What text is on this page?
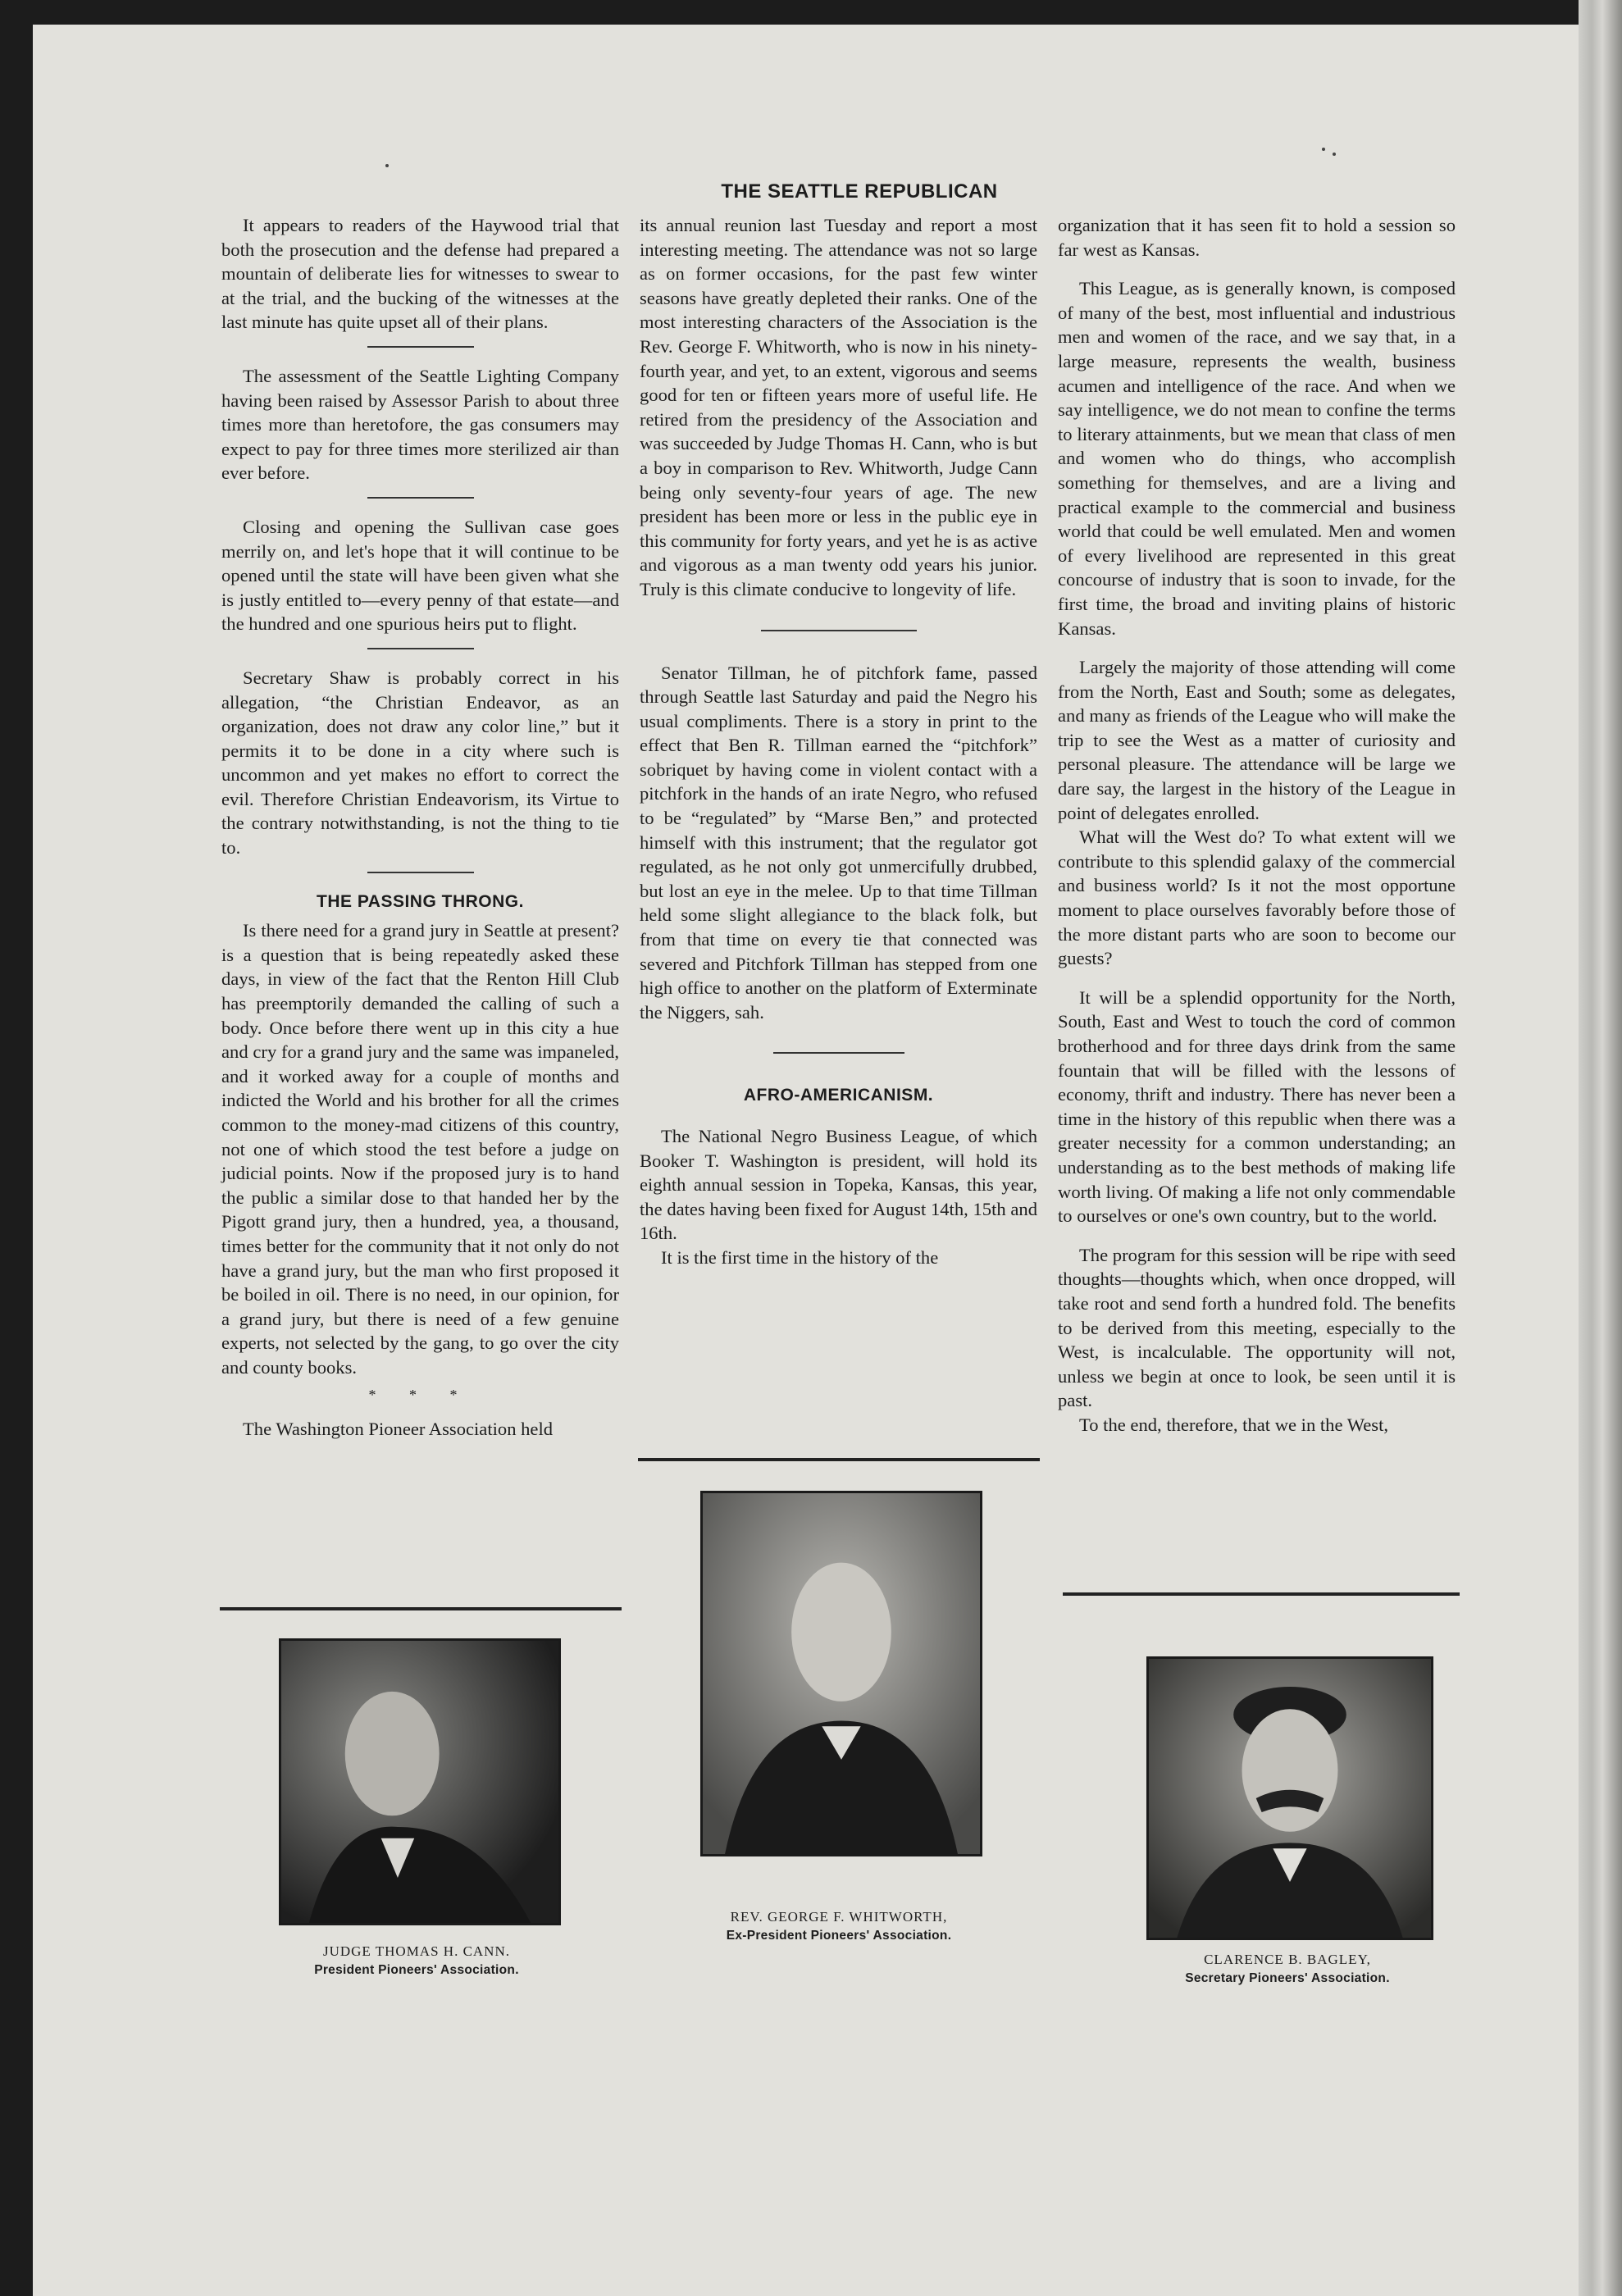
THE SEATTLE REPUBLICAN

It appears to readers of the Haywood trial that both the prosecution and the defense had prepared a mountain of deliberate lies for witnesses to swear to at the trial, and the bucking of the witnesses at the last minute has quite upset all of their plans.

The assessment of the Seattle Lighting Company having been raised by Assessor Parish to about three times more than heretofore, the gas consumers may expect to pay for three times more sterilized air than ever before.

Closing and opening the Sullivan case goes merrily on, and let's hope that it will continue to be opened until the state will have been given what she is justly entitled to—every penny of that estate—and the hundred and one spurious heirs put to flight.

Secretary Shaw is probably correct in his allegation, “the Christian Endeavor, as an organization, does not draw any color line,” but it permits it to be done in a city where such is uncommon and yet makes no effort to correct the evil. Therefore Christian Endeavorism, its Virtue to the contrary notwithstanding, is not the thing to tie to.

THE PASSING THRONG.

Is there need for a grand jury in Seattle at present? is a question that is being repeatedly asked these days, in view of the fact that the Renton Hill Club has preemptorily demanded the calling of such a body. Once before there went up in this city a hue and cry for a grand jury and the same was impaneled, and it worked away for a couple of months and indicted the World and his brother for all the crimes common to the money-mad citizens of this country, not one of which stood the test before a judge on judicial points. Now if the proposed jury is to hand the public a similar dose to that handed her by the Pigott grand jury, then a hundred, yea, a thousand, times better for the community that it not only do not have a grand jury, but the man who first proposed it be boiled in oil. There is no need, in our opinion, for a grand jury, but there is need of a few genuine experts, not selected by the gang, to go over the city and county books.

* * *

The Washington Pioneer Association held

its annual reunion last Tuesday and report a most interesting meeting. The attendance was not so large as on former occasions, for the past few winter seasons have greatly depleted their ranks. One of the most interesting characters of the Association is the Rev. George F. Whitworth, who is now in his ninety-fourth year, and yet, to an extent, vigorous and seems good for ten or fifteen years more of useful life. He retired from the presidency of the Association and was succeeded by Judge Thomas H. Cann, who is but a boy in comparison to Rev. Whitworth, Judge Cann being only seventy-four years of age. The new president has been more or less in the public eye in this community for forty years, and yet he is as active and vigorous as a man twenty odd years his junior. Truly is this climate conducive to longevity of life.

Senator Tillman, he of pitchfork fame, passed through Seattle last Saturday and paid the Negro his usual compliments. There is a story in print to the effect that Ben R. Tillman earned the “pitchfork” sobriquet by having come in violent contact with a pitchfork in the hands of an irate Negro, who refused to be “regulated” by “Marse Ben,” and protected himself with this instrument; that the regulator got regulated, as he not only got unmercifully drubbed, but lost an eye in the melee. Up to that time Tillman held some slight allegiance to the black folk, but from that time on every tie that connected was severed and Pitchfork Tillman has stepped from one high office to another on the platform of Exterminate the Niggers, sah.

AFRO-AMERICANISM.

The National Negro Business League, of which Booker T. Washington is president, will hold its eighth annual session in Topeka, Kansas, this year, the dates having been fixed for August 14th, 15th and 16th.

It is the first time in the history of the

organization that it has seen fit to hold a session so far west as Kansas.

This League, as is generally known, is composed of many of the best, most influential and industrious men and women of the race, and we say that, in a large measure, represents the wealth, business acumen and intelligence of the race. And when we say intelligence, we do not mean to confine the terms to literary attainments, but we mean that class of men and women who do things, who accomplish something for themselves, and are a living and practical example to the commercial and business world that could be well emulated. Men and women of every livelihood are represented in this great concourse of industry that is soon to invade, for the first time, the broad and inviting plains of historic Kansas.

Largely the majority of those attending will come from the North, East and South; some as delegates, and many as friends of the League who will make the trip to see the West as a matter of curiosity and personal pleasure. The attendance will be large we dare say, the largest in the history of the League in point of delegates enrolled.

What will the West do? To what extent will we contribute to this splendid galaxy of the commercial and business world? Is it not the most opportune moment to place ourselves favorably before those of the more distant parts who are soon to become our guests?

It will be a splendid opportunity for the North, South, East and West to touch the cord of common brotherhood and for three days drink from the same fountain that will be filled with the lessons of economy, thrift and industry. There has never been a time in the history of this republic when there was a greater necessity for a common understanding; an understanding as to the best methods of making life worth living. Of making a life not only commendable to ourselves or one's own country, but to the world.

The program for this session will be ripe with seed thoughts—thoughts which, when once dropped, will take root and send forth a hundred fold. The benefits to be derived from this meeting, especially to the West, is incalculable. The opportunity will not, unless we begin at once to look, be seen until it is past.

To the end, therefore, that we in the West,

JUDGE THOMAS H. CANN.
President Pioneers' Association.
REV. GEORGE F. WHITWORTH,
Ex-President Pioneers' Association.
CLARENCE B. BAGLEY,
Secretary Pioneers' Association.
